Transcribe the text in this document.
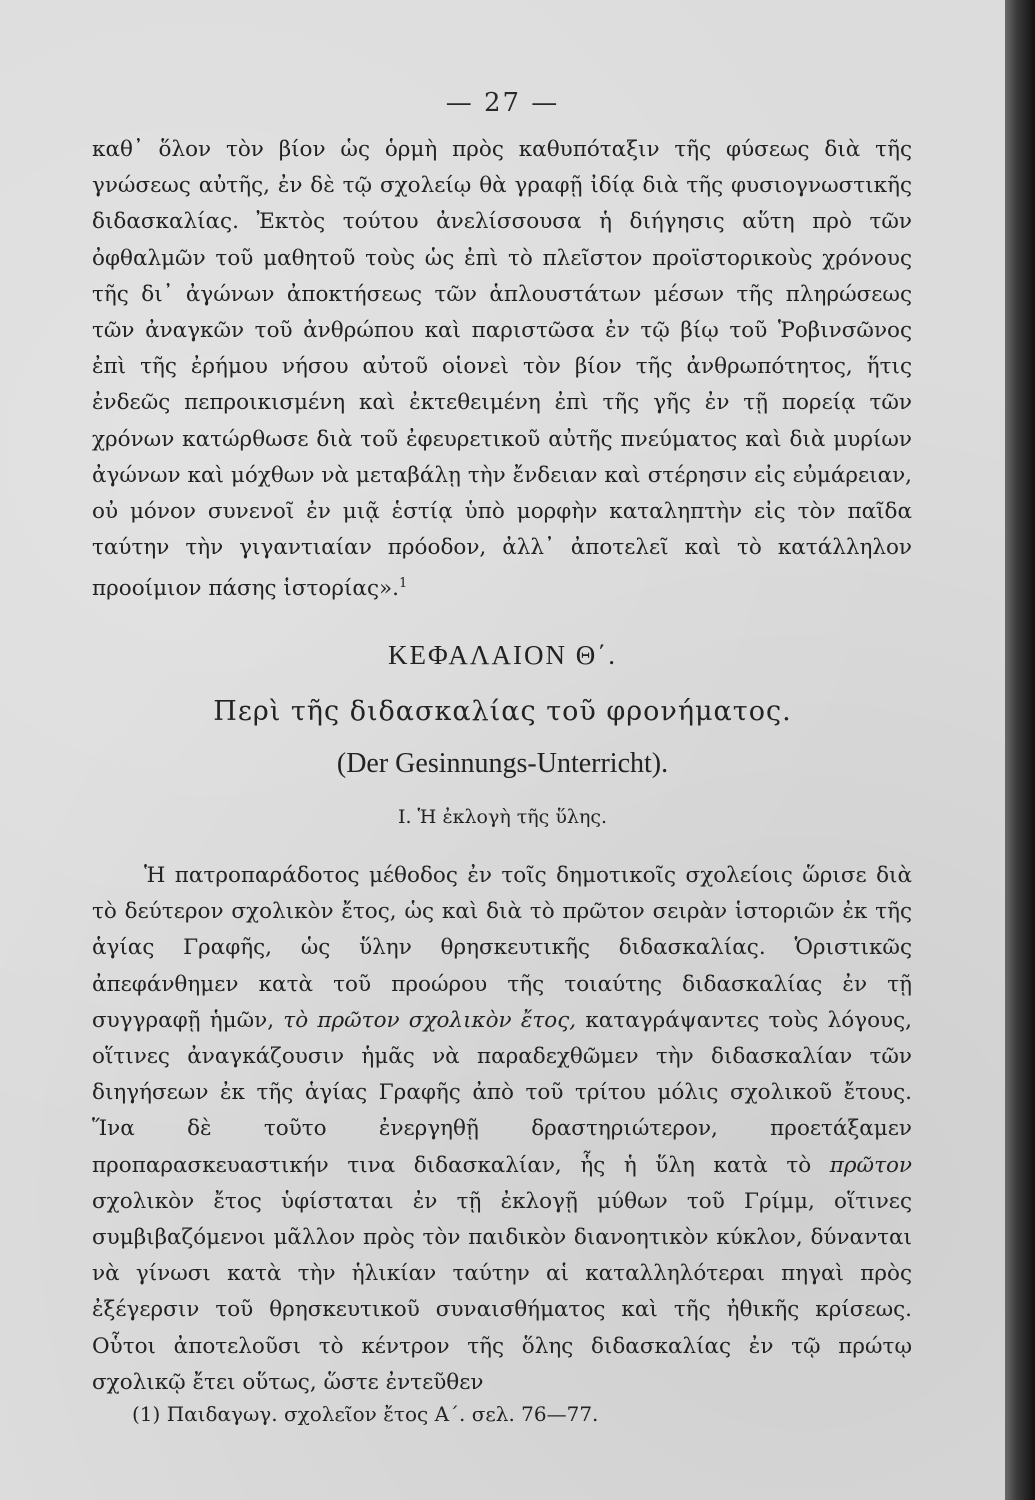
— 27 —

καθ᾿ ὅλον τὸν βίον ὡς ὁρμὴ πρὸς καθυπόταξιν τῆς φύσεως διὰ τῆς γνώσεως αὐτῆς, ἐν δὲ τῷ σχολείῳ θὰ γραφῇ ἰδίᾳ διὰ τῆς φυσιογνωστικῆς διδασκαλίας. Ἐκτὸς τούτου ἀνελίσσουσα ἡ διήγησις αὕτη πρὸ τῶν ὀφθαλμῶν τοῦ μαθητοῦ τοὺς ὡς ἐπὶ τὸ πλεῖστον προϊστορικοὺς χρόνους τῆς δι᾿ ἀγώνων ἀποκτήσεως τῶν ἁπλουστάτων μέσων τῆς πληρώσεως τῶν ἀναγκῶν τοῦ ἀνθρώπου καὶ παριστῶσα ἐν τῷ βίῳ τοῦ Ῥοβινσῶνος ἐπὶ τῆς ἐρήμου νήσου αὐτοῦ οἱονεὶ τὸν βίον τῆς ἀνθρωπότητος, ἥτις ἐνδεῶς πεπροικισμένη καὶ ἐκτεθειμένη ἐπὶ τῆς γῆς ἐν τῇ πορείᾳ τῶν χρόνων κατώρθωσε διὰ τοῦ ἐφευρετικοῦ αὐτῆς πνεύματος καὶ διὰ μυρίων ἀγώνων καὶ μόχθων νὰ μεταβάλῃ τὴν ἔνδειαν καὶ στέρησιν εἰς εὐμάρειαν, οὐ μόνον συνενοῖ ἐν μιᾷ ἑστίᾳ ὑπὸ μορφὴν καταληπτὴν εἰς τὸν παῖδα ταύτην τὴν γιγαντιαίαν πρόοδον, ἀλλ᾿ ἀποτελεῖ καὶ τὸ κατάλληλον προοίμιον πάσης ἱστορίας».$^1$

ΚΕΦΑΛΑΙΟΝ Θ΄.
Περὶ τῆς διδασκαλίας τοῦ φρονήματος.
(Der Gesinnungs-Unterricht).
Ι. Ἡ ἐκλογὴ τῆς ὕλης.

Ἡ πατροπαράδοτος μέθοδος ἐν τοῖς δημοτικοῖς σχολείοις ὥρισε διὰ τὸ δεύτερον σχολικὸν ἔτος, ὡς καὶ διὰ τὸ πρῶτον σειρὰν ἱστοριῶν ἐκ τῆς ἁγίας Γραφῆς, ὡς ὕλην θρησκευτικῆς διδασκαλίας. Ὁριστικῶς ἀπεφάνθημεν κατὰ τοῦ προώρου τῆς τοιαύτης διδασκαλίας ἐν τῇ συγγραφῇ ἡμῶν, τὸ πρῶτον σχολικὸν ἔτος, καταγράψαντες τοὺς λόγους, οἵτινες ἀναγκάζουσιν ἡμᾶς νὰ παραδεχθῶμεν τὴν διδασκαλίαν τῶν διηγήσεων ἐκ τῆς ἁγίας Γραφῆς ἀπὸ τοῦ τρίτου μόλις σχολικοῦ ἔτους. Ἵνα δὲ τοῦτο ἐνεργηθῇ δραστηριώτερον, προετάξαμεν προπαρασκευαστικήν τινα διδασκαλίαν, ἧς ἡ ὕλη κατὰ τὸ πρῶτον σχολικὸν ἔτος ὑφίσταται ἐν τῇ ἐκλογῇ μύθων τοῦ Γρίμμ, οἵτινες συμβιβαζόμενοι μᾶλλον πρὸς τὸν παιδικὸν διανοητικὸν κύκλον, δύνανται νὰ γίνωσι κατὰ τὴν ἡλικίαν ταύτην αἱ καταλληλότεραι πηγαὶ πρὸς ἐξέγερσιν τοῦ θρησκευτικοῦ συναισθήματος καὶ τῆς ἠθικῆς κρίσεως. Οὗτοι ἀποτελοῦσι τὸ κέντρον τῆς ὅλης διδασκαλίας ἐν τῷ πρώτῳ σχολικῷ ἔτει οὕτως, ὥστε ἐντεῦθεν

(1) Παιδαγωγ. σχολεῖον ἔτος Α΄. σελ. 76—77.
